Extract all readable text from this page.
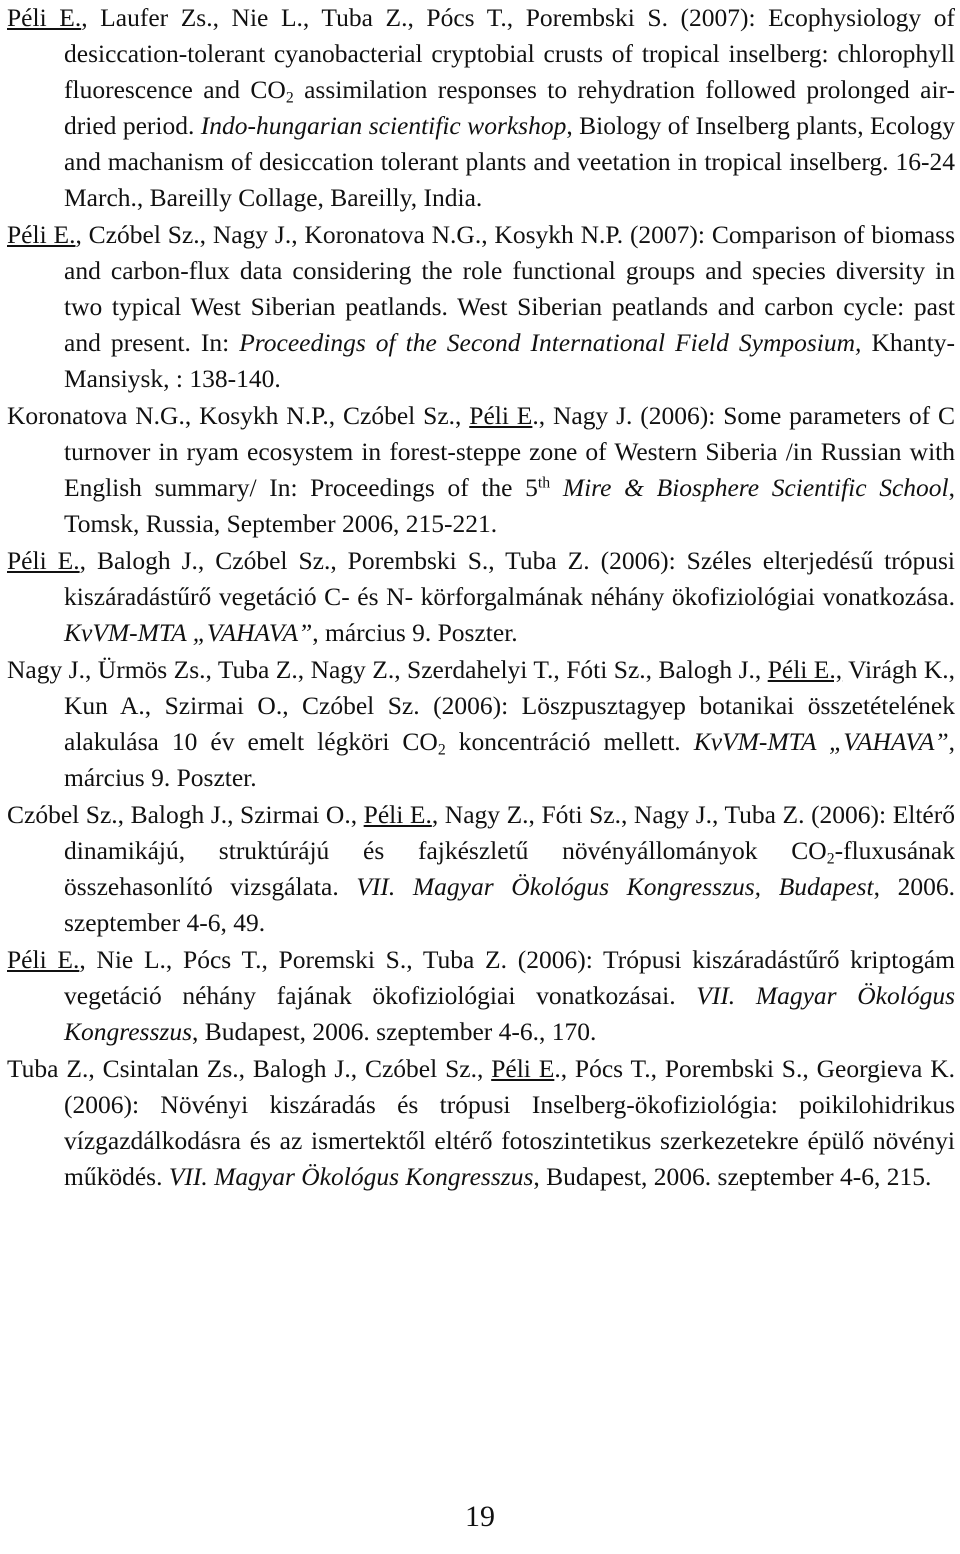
Péli E., Laufer Zs., Nie L., Tuba Z., Pócs T., Porembski S. (2007): Ecophysiology of desiccation-tolerant cyanobacterial cryptobial crusts of tropical inselberg: chlorophyll fluorescence and $CO_2$ assimilation responses to rehydration followed prolonged air-dried period. Indo-hungarian scientific workshop, Biology of Inselberg plants, Ecology and machanism of desiccation tolerant plants and veetation in tropical inselberg. 16-24 March., Bareilly Collage, Bareilly, India.

Péli E., Czóbel Sz., Nagy J., Koronatova N.G., Kosykh N.P. (2007): Comparison of biomass and carbon-flux data considering the role functional groups and species diversity in two typical West Siberian peatlands. West Siberian peatlands and carbon cycle: past and present. In: Proceedings of the Second International Field Symposium, Khanty-Mansiysk, : 138-140.

Koronatova N.G., Kosykh N.P., Czóbel Sz., Péli E., Nagy J. (2006): Some parameters of C turnover in ryam ecosystem in forest-steppe zone of Western Siberia /in Russian with English summary/ In: Proceedings of the 5th Mire & Biosphere Scientific School, Tomsk, Russia, September 2006, 215-221.

Péli E., Balogh J., Czóbel Sz., Porembski S., Tuba Z. (2006): Széles elterjedésű trópusi kiszáradástűrő vegetáció C- és N- körforgalmának néhány ökofiziológiai vonatkozása. KvVM-MTA „VAHAVA”, március 9. Poszter.

Nagy J., Ürmös Zs., Tuba Z., Nagy Z., Szerdahelyi T., Fóti Sz., Balogh J., Péli E., Virágh K., Kun A., Szirmai O., Czóbel Sz. (2006): Löszpusztagyep botanikai összetételének alakulása 10 év emelt légköri $CO_2$ koncentráció mellett. KvVM-MTA „VAHAVA”, március 9. Poszter.

Czóbel Sz., Balogh J., Szirmai O., Péli E., Nagy Z., Fóti Sz., Nagy J., Tuba Z. (2006): Eltérő dinamikájú, struktúrájú és fajkészletű növényállományok $CO_2$-fluxusának összehasonlító vizsgálata. VII. Magyar Ökológus Kongresszus, Budapest, 2006. szeptember 4-6, 49.

Péli E., Nie L., Pócs T., Poremski S., Tuba Z. (2006): Trópusi kiszáradástűrő kriptogám vegetáció néhány fajának ökofiziológiai vonatkozásai. VII. Magyar Ökológus Kongresszus, Budapest, 2006. szeptember 4-6., 170.

Tuba Z., Csintalan Zs., Balogh J., Czóbel Sz., Péli E., Pócs T., Porembski S., Georgieva K. (2006): Növényi kiszáradás és trópusi Inselberg-ökofiziológia: poikilohidrikus vízgazdálkodásra és az ismertektől eltérő fotoszintetikus szerkezetekre épülő növényi működés. VII. Magyar Ökológus Kongresszus, Budapest, 2006. szeptember 4-6, 215.

19
